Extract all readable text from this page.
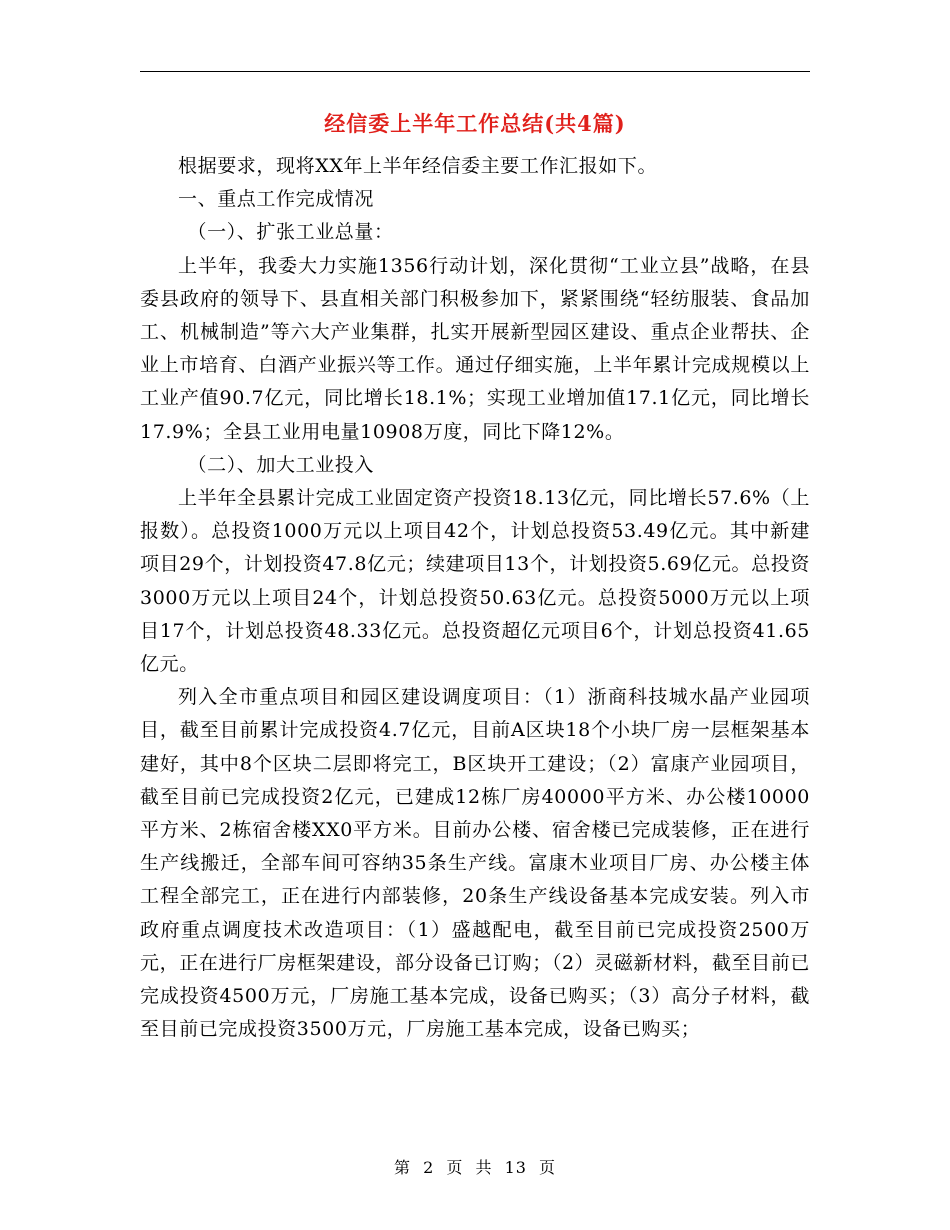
经信委上半年工作总结(共4篇)

根据要求，现将XX年上半年经信委主要工作汇报如下。

一、重点工作完成情况

（一）、扩张工业总量：

上半年，我委大力实施1356行动计划，深化贯彻“工业立县”战略，在县委县政府的领导下、县直相关部门积极参加下，紧紧围绕“轻纺服装、食品加工、机械制造”等六大产业集群，扎实开展新型园区建设、重点企业帮扶、企业上市培育、白酒产业振兴等工作。通过仔细实施，上半年累计完成规模以上工业产值90.7亿元，同比增长18.1%；实现工业增加值17.1亿元，同比增长17.9%；全县工业用电量10908万度，同比下降12%。

（二）、加大工业投入

上半年全县累计完成工业固定资产投资18.13亿元，同比增长57.6%（上报数）。总投资1000万元以上项目42个，计划总投资53.49亿元。其中新建项目29个，计划投资47.8亿元；续建项目13个，计划投资5.69亿元。总投资3000万元以上项目24个，计划总投资50.63亿元。总投资5000万元以上项目17个，计划总投资48.33亿元。总投资超亿元项目6个，计划总投资41.65亿元。

列入全市重点项目和园区建设调度项目：（1）浙商科技城水晶产业园项目，截至目前累计完成投资4.7亿元，目前A区块18个小块厂房一层框架基本建好，其中8个区块二层即将完工，B区块开工建设；（2）富康产业园项目，截至目前已完成投资2亿元，已建成12栋厂房40000平方米、办公楼10000平方米、2栋宿舍楼XX0平方米。目前办公楼、宿舍楼已完成装修，正在进行生产线搬迁，全部车间可容纳35条生产线。富康木业项目厂房、办公楼主体工程全部完工，正在进行内部装修，20条生产线设备基本完成安装。列入市政府重点调度技术改造项目：（1）盛越配电，截至目前已完成投资2500万元，正在进行厂房框架建设，部分设备已订购；（2）灵磁新材料，截至目前已完成投资4500万元，厂房施工基本完成，设备已购买；（3）高分子材料，截至目前已完成投资3500万元，厂房施工基本完成，设备已购买；

第 2 页 共 13 页
